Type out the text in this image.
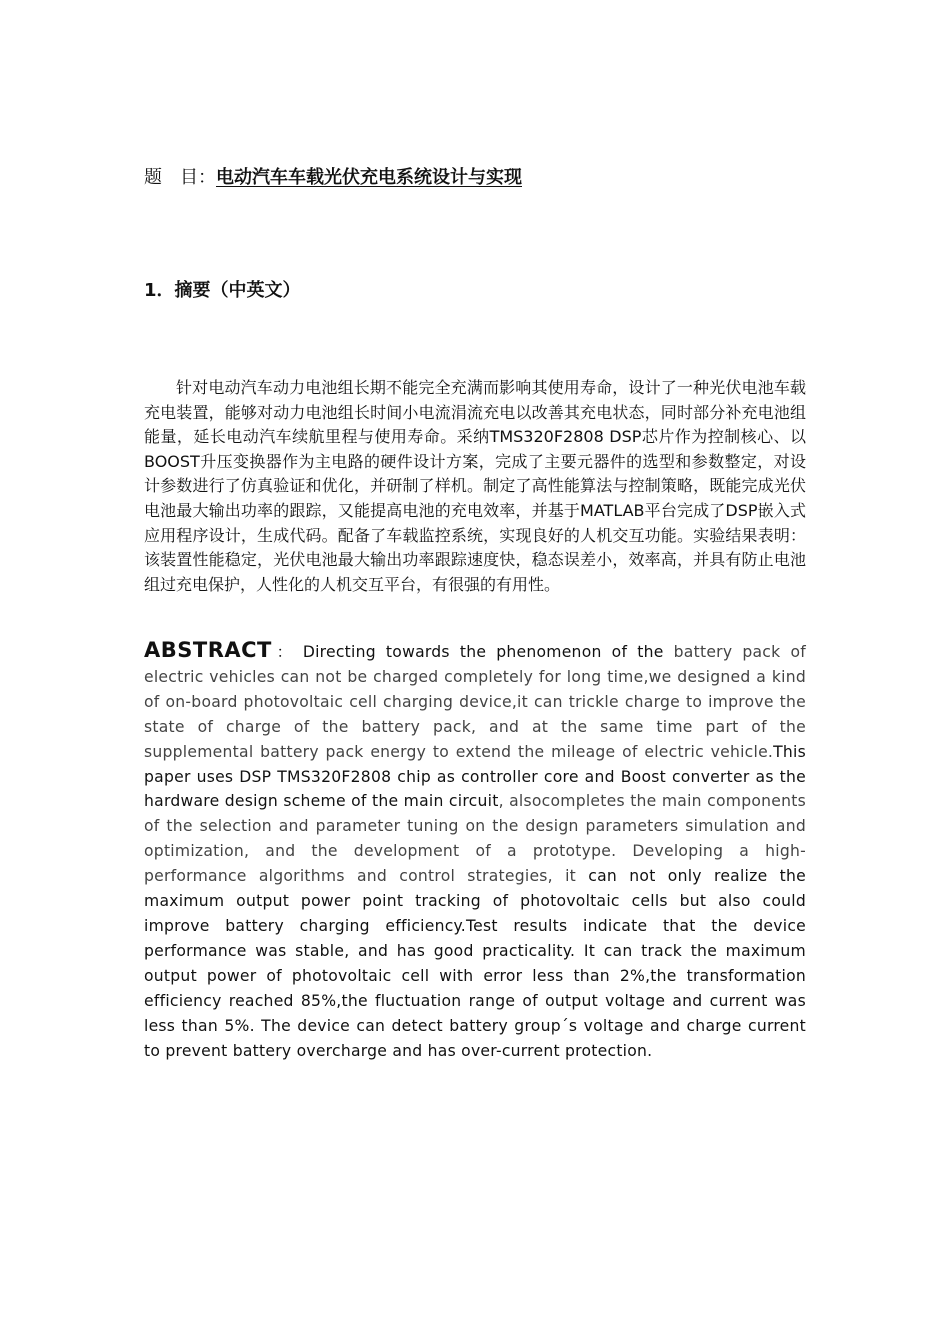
题　目：电动汽车车载光伏充电系统设计与实现
1．摘要（中英文）

针对电动汽车动力电池组长期不能完全充满而影响其使用寿命，设计了一种光伏电池车载充电装置，能够对动力电池组长时间小电流涓流充电以改善其充电状态，同时部分补充电池组能量，延长电动汽车续航里程与使用寿命。采纳TMS320F2808 DSP芯片作为控制核心、以BOOST升压变换器作为主电路的硬件设计方案，完成了主要元器件的选型和参数整定，对设计参数进行了仿真验证和优化，并研制了样机。制定了高性能算法与控制策略，既能完成光伏电池最大输出功率的跟踪，又能提高电池的充电效率，并基于MATLAB平台完成了DSP嵌入式应用程序设计，生成代码。配备了车载监控系统，实现良好的人机交互功能。实验结果表明：该装置性能稳定，光伏电池最大输出功率跟踪速度快，稳态误差小，效率高，并具有防止电池组过充电保护，人性化的人机交互平台，有很强的有用性。

ABSTRACT： Directing towards the phenomenon of the battery pack of electric vehicles can not be charged completely for long time,we designed a kind of on-board photovoltaic cell charging device,it can trickle charge to improve the state of charge of the battery pack, and at the same time part of the supplemental battery pack energy to extend the mileage of electric vehicle.This paper uses DSP TMS320F2808 chip as controller core and Boost converter as the hardware design scheme of the main circuit, alsocompletes the main components of the selection and parameter tuning on the design parameters simulation and optimization, and the development of a prototype. Developing a high-performance algorithms and control strategies, it can not only realize the maximum output power point tracking of photovoltaic cells but also could improve battery charging efficiency.Test results indicate that the device performance was stable, and has good practicality. It can track the maximum output power of photovoltaic cell with error less than 2%,the transformation efficiency reached 85%,the fluctuation range of output voltage and current was less than 5%. The device can detect battery group´s voltage and charge current to prevent battery overcharge and has over-current protection.
